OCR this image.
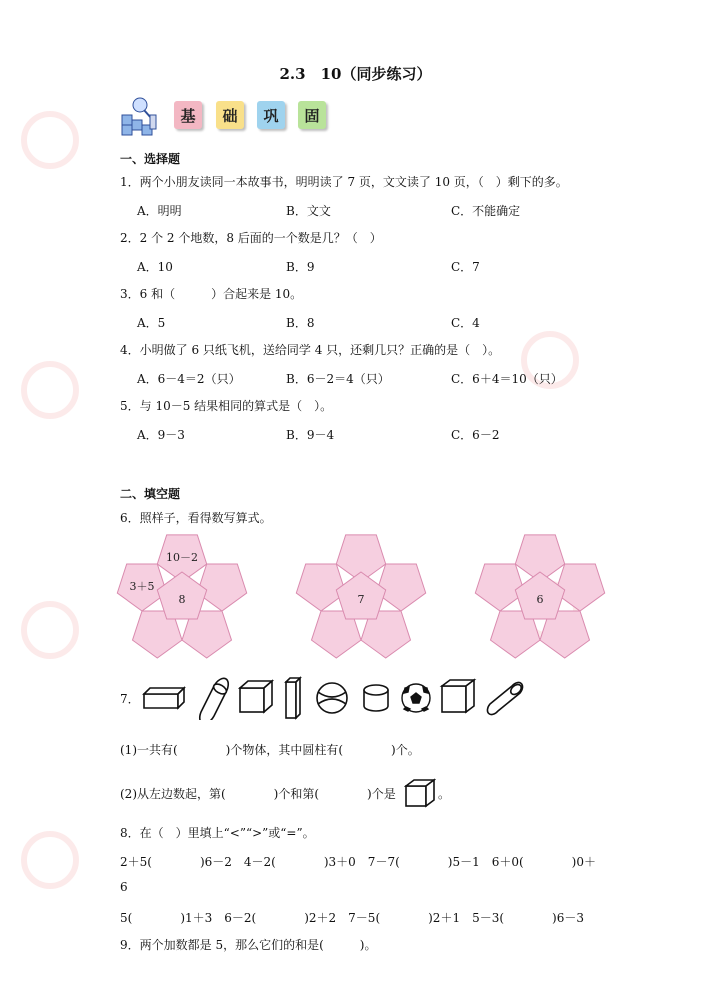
2.3　10（同步练习）
基	础	巩	固
一、选择题
1．两个小朋友读同一本故事书，明明读了 7 页，文文读了 10 页，（　）剩下的多。
A．明明	B．文文	C．不能确定
2．2 个 2 个地数，8 后面的一个数是几？（　）
A．10	B．9	C．7
3．6 和（　　　）合起来是 10。
A．5	B．8	C．4
4．小明做了 6 只纸飞机，送给同学 4 只，还剩几只？正确的是（　）。
A．6－4＝2（只）	B．6－2＝4（只）	C．6＋4＝10（只）
5．与 10－5 结果相同的算式是（　）。
A．9－3	B．9－4	C．6－2
二、填空题
6．照样子，看得数写算式。
8
10－2
3＋5
7	6
7．
(1)一共有(　　　　)个物体，其中圆柱有(　　　　)个。
(2)从左边数起，第(　　　　)个和第(　　　　)个是	。
8．在（　）里填上“<”“>”或“=”。
2＋5(　　　　)6－2　4－2(　　　　)3＋0　7－7(　　　　)5－1　6＋0(　　　　)0＋
6
5(　　　　)1＋3　6－2(　　　　)2＋2　7－5(　　　　)2＋1　5－3(　　　　)6－3
9．两个加数都是 5，那么它们的和是(　　　)。
